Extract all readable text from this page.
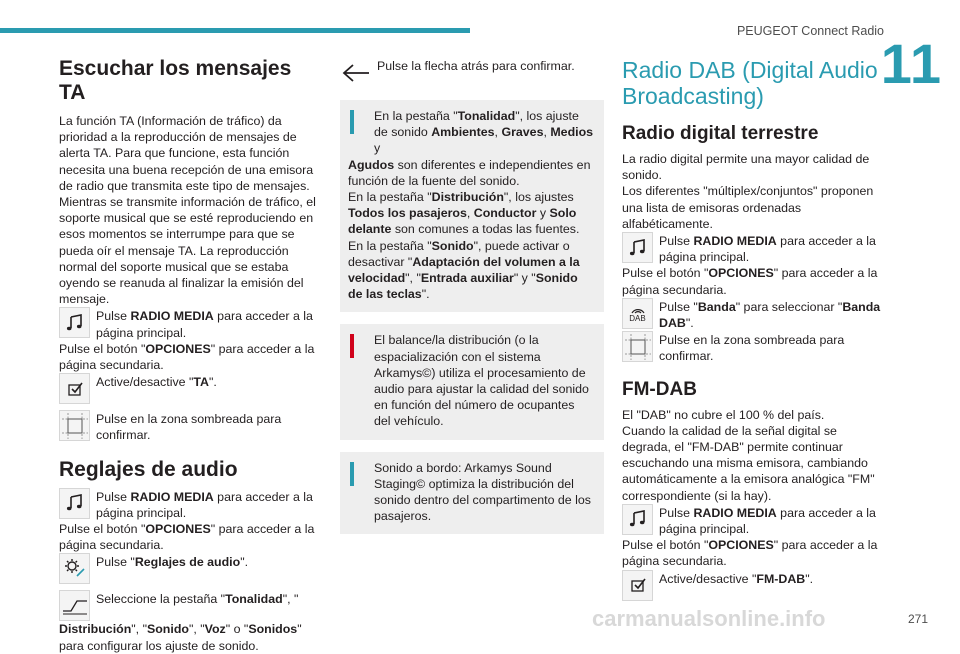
PEUGEOT Connect Radio
11
271
carmanualsonline.info
Escuchar los mensajes TA

La función TA (Información de tráfico) da prioridad a la reproducción de mensajes de alerta TA. Para que funcione, esta función necesita una buena recepción de una emisora de radio que transmita este tipo de mensajes. Mientras se transmite información de tráfico, el soporte musical que se esté reproduciendo en esos momentos se interrumpe para que se pueda oír el mensaje TA. La reproducción normal del soporte musical que se estaba oyendo se reanuda al finalizar la emisión del mensaje.

Pulse RADIO MEDIA para acceder a la página principal.

Pulse el botón "OPCIONES" para acceder a la página secundaria.

Active/desactive "TA".
Pulse en la zona sombreada para confirmar.
Reglajes de audio
Pulse RADIO MEDIA para acceder a la página principal.

Pulse el botón "OPCIONES" para acceder a la página secundaria.

Pulse "Reglajes de audio".
Seleccione la pestaña "Tonalidad", "

Distribución", "Sonido", "Voz" o "Sonidos" para configurar los ajuste de sonido.

Pulse la flecha atrás para confirmar.

En la pestaña "Tonalidad", los ajuste de sonido Ambientes, Graves, Medios y

Agudos son diferentes e independientes en función de la fuente del sonido.

En la pestaña "Distribución", los ajustes Todos los pasajeros, Conductor y Solo delante son comunes a todas las fuentes.

En la pestaña "Sonido", puede activar o desactivar "Adaptación del volumen a la velocidad", "Entrada auxiliar" y "Sonido de las teclas".

El balance/la distribución (o la espacialización con el sistema Arkamys©) utiliza el procesamiento de audio para ajustar la calidad del sonido en función del número de ocupantes del vehículo.

Sonido a bordo: Arkamys Sound Staging© optimiza la distribución del sonido dentro del compartimento de los pasajeros.

Radio DAB (Digital Audio Broadcasting)
Radio digital terrestre

La radio digital permite una mayor calidad de sonido.

Los diferentes "múltiplex/conjuntos" proponen una lista de emisoras ordenadas alfabéticamente.

Pulse RADIO MEDIA para acceder a la página principal.

Pulse el botón "OPCIONES" para acceder a la página secundaria.

DAB
Pulse "Banda" para seleccionar "Banda DAB".
Pulse en la zona sombreada para confirmar.
FM-DAB

El "DAB" no cubre el 100 % del país.

Cuando la calidad de la señal digital se degrada, el "FM-DAB" permite continuar escuchando una misma emisora, cambiando automáticamente a la emisora analógica "FM" correspondiente (si la hay).

Pulse RADIO MEDIA para acceder a la página principal.

Pulse el botón "OPCIONES" para acceder a la página secundaria.

Active/desactive "FM-DAB".
